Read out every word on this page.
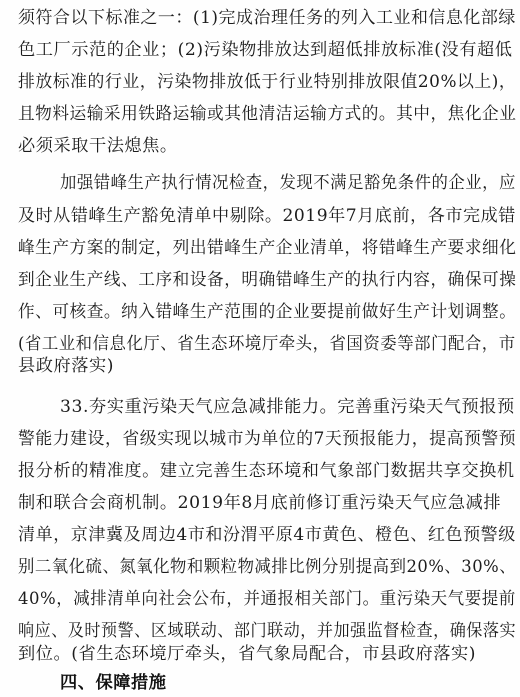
须符合以下标准之一：(1)完成治理任务的列入工业和信息化部绿
色工厂示范的企业；(2)污染物排放达到超低排放标准(没有超低
排放标准的行业，污染物排放低于行业特别排放限值20%以上)，
且物料运输采用铁路运输或其他清洁运输方式的。其中，焦化企业
必须采取干法熄焦。
加强错峰生产执行情况检查，发现不满足豁免条件的企业，应
及时从错峰生产豁免清单中剔除。2019年7月底前，各市完成错
峰生产方案的制定，列出错峰生产企业清单，将错峰生产要求细化
到企业生产线、工序和设备，明确错峰生产的执行内容，确保可操
作、可核查。纳入错峰生产范围的企业要提前做好生产计划调整。
(省工业和信息化厅、省生态环境厅牵头，省国资委等部门配合，市
县政府落实)
33.夯实重污染天气应急减排能力。完善重污染天气预报预
警能力建设，省级实现以城市为单位的7天预报能力，提高预警预
报分析的精准度。建立完善生态环境和气象部门数据共享交换机
制和联合会商机制。2019年8月底前修订重污染天气应急减排
清单，京津冀及周边4市和汾渭平原4市黄色、橙色、红色预警级
别二氧化硫、氮氧化物和颗粒物减排比例分别提高到20%、30%、
40%，减排清单向社会公布，并通报相关部门。重污染天气要提前
响应、及时预警、区域联动、部门联动，并加强监督检查，确保落实
到位。(省生态环境厅牵头，省气象局配合，市县政府落实)
四、保障措施
